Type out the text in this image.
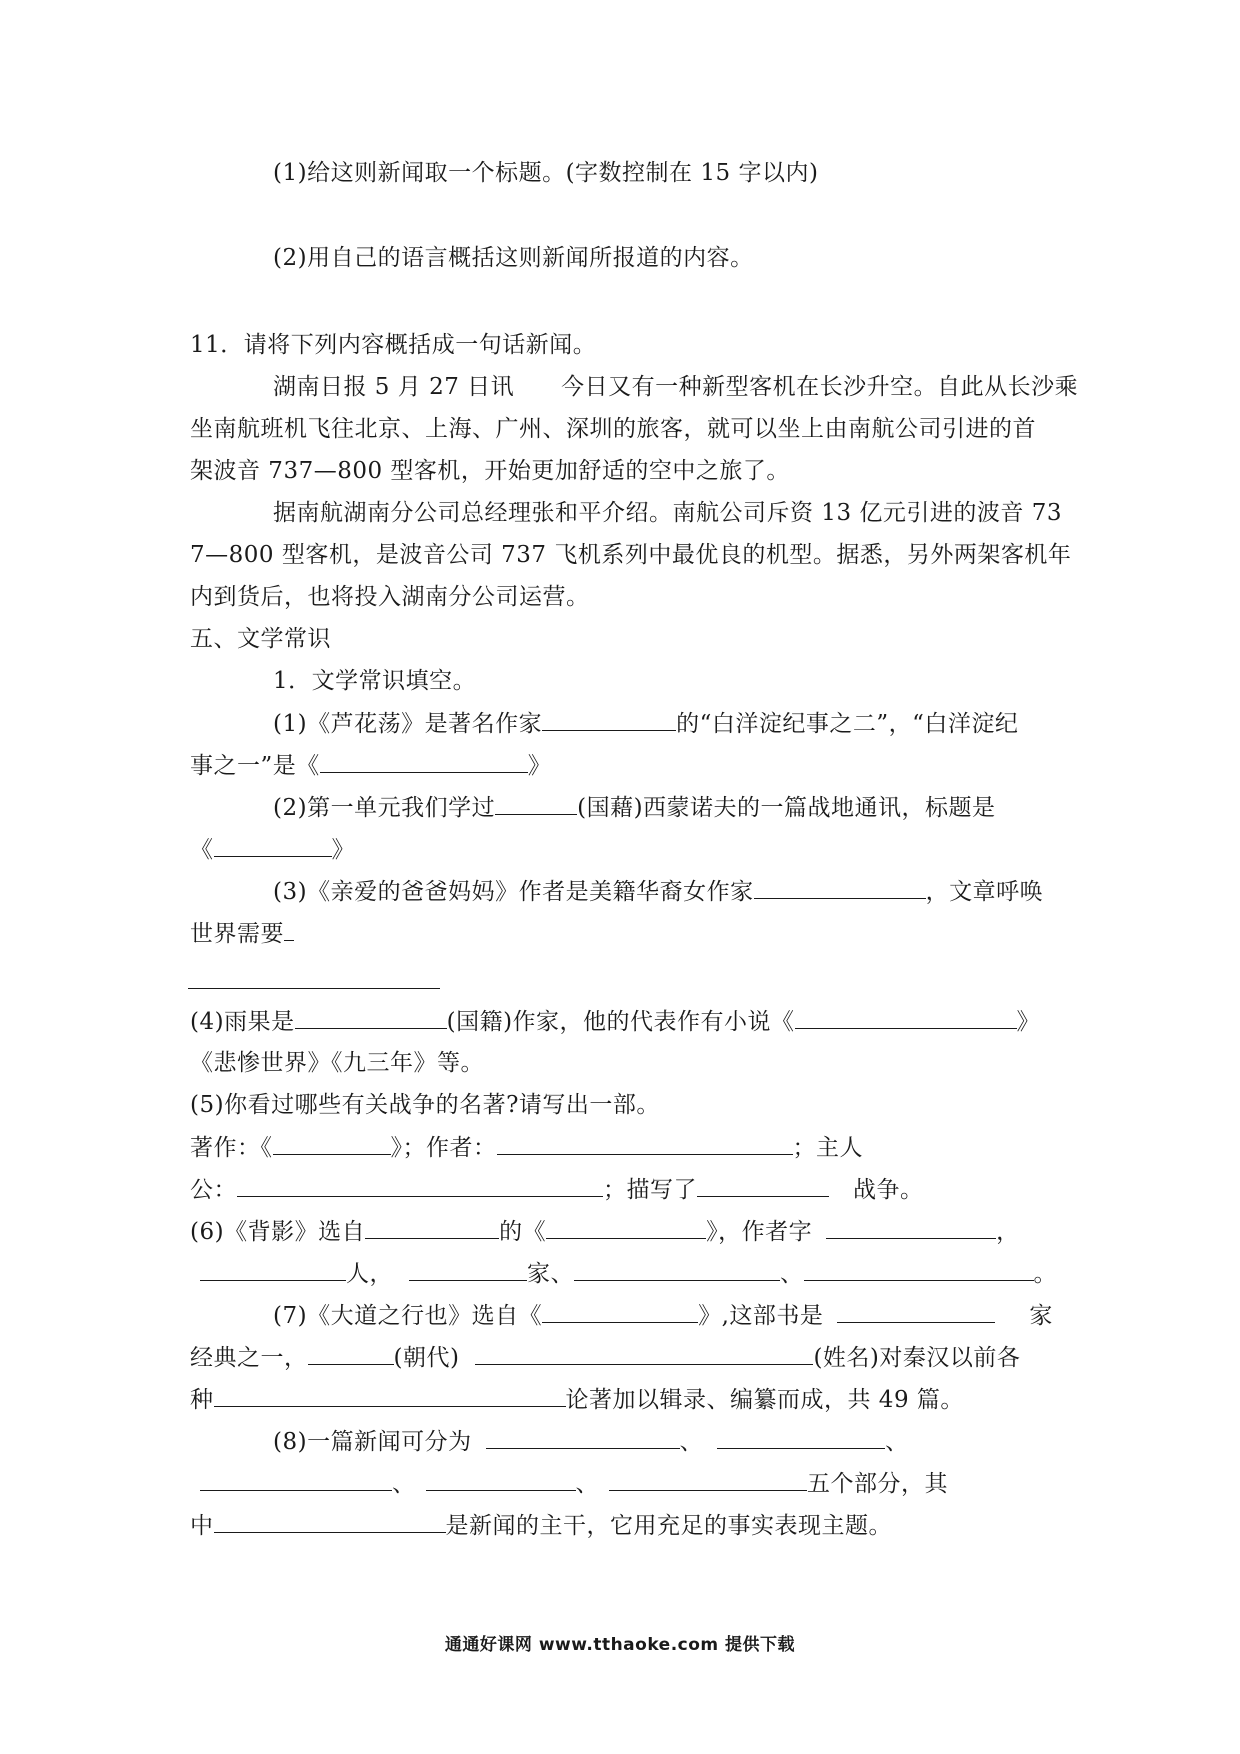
(1)给这则新闻取一个标题。(字数控制在 15 字以内)
(2)用自己的语言概括这则新闻所报道的内容。
11．请将下列内容概括成一句话新闻。
湖南日报 5 月 27 日讯　　今日又有一种新型客机在长沙升空。自此从长沙乘
坐南航班机飞往北京、上海、广州、深圳的旅客，就可以坐上由南航公司引进的首
架波音 737—800 型客机，开始更加舒适的空中之旅了。
据南航湖南分公司总经理张和平介绍。南航公司斥资 13 亿元引进的波音 73
7—800 型客机，是波音公司 737 飞机系列中最优良的机型。据悉，另外两架客机年
内到货后，也将投入湖南分公司运营。
五、文学常识
1．文学常识填空。
(1)《芦花荡》是著名作家	的“白洋淀纪事之二”，“白洋淀纪
事之一”是《	》
(2)第一单元我们学过	(国藉)西蒙诺夫的一篇战地通讯，标题是
《	》
(3)《亲爱的爸爸妈妈》作者是美籍华裔女作家	，文章呼唤
世界需要
(4)雨果是	(国籍)作家，他的代表作有小说《	》
《悲惨世界》《九三年》等。
(5)你看过哪些有关战争的名著?请写出一部。
著作：《	》；作者：	；主人
公：	；描写了	战争。
(6)《背影》选自	的《	》，作者字	，
人，	家、	、	。
(7)《大道之行也》选自《	》,这部书是	家
经典之一，	(朝代)	(姓名)对秦汉以前各
种	论著加以辑录、编纂而成，共 49 篇。
(8)一篇新闻可分为	、	、
、	、	五个部分，其
中	是新闻的主干，它用充足的事实表现主题。
通通好课网 www.tthaoke.com 提供下载
